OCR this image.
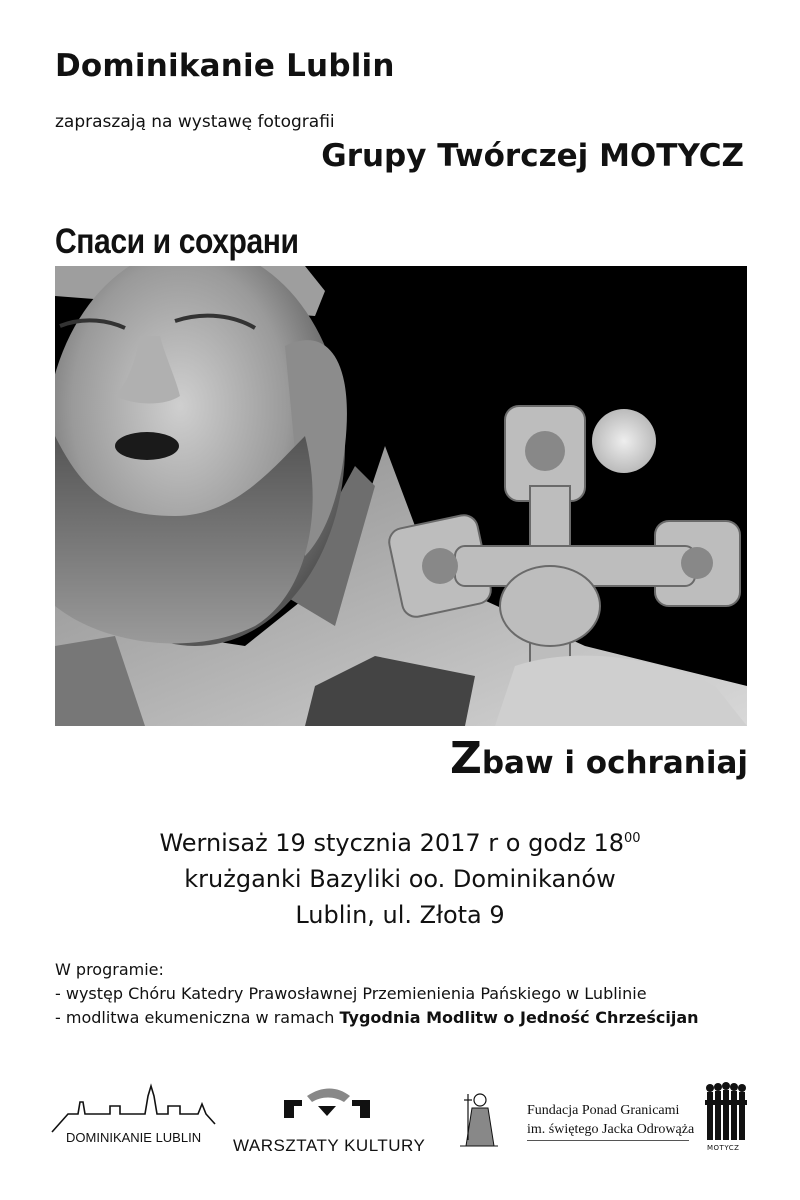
Dominikanie Lublin
zapraszają na wystawę fotografii
Grupy Twórczej MOTYCZ
Спаси и сохрани
Zbaw i ochraniaj
Wernisaż 19 stycznia 2017 r o godz $18^{00}$
krużganki Bazyliki oo. Dominikanów
Lublin, ul. Złota 9
W programie:
- występ Chóru Katedry Prawosławnej Przemienienia Pańskiego w Lublinie
- modlitwa ekumeniczna w ramach Tygodnia Modlitw o Jedność Chrześcijan
DOMINIKANIE LUBLIN WARSZTATY KULTURY
Fundacja Ponad Granicami
im. świętego Jacka Odrowąża
MOTYCZ
